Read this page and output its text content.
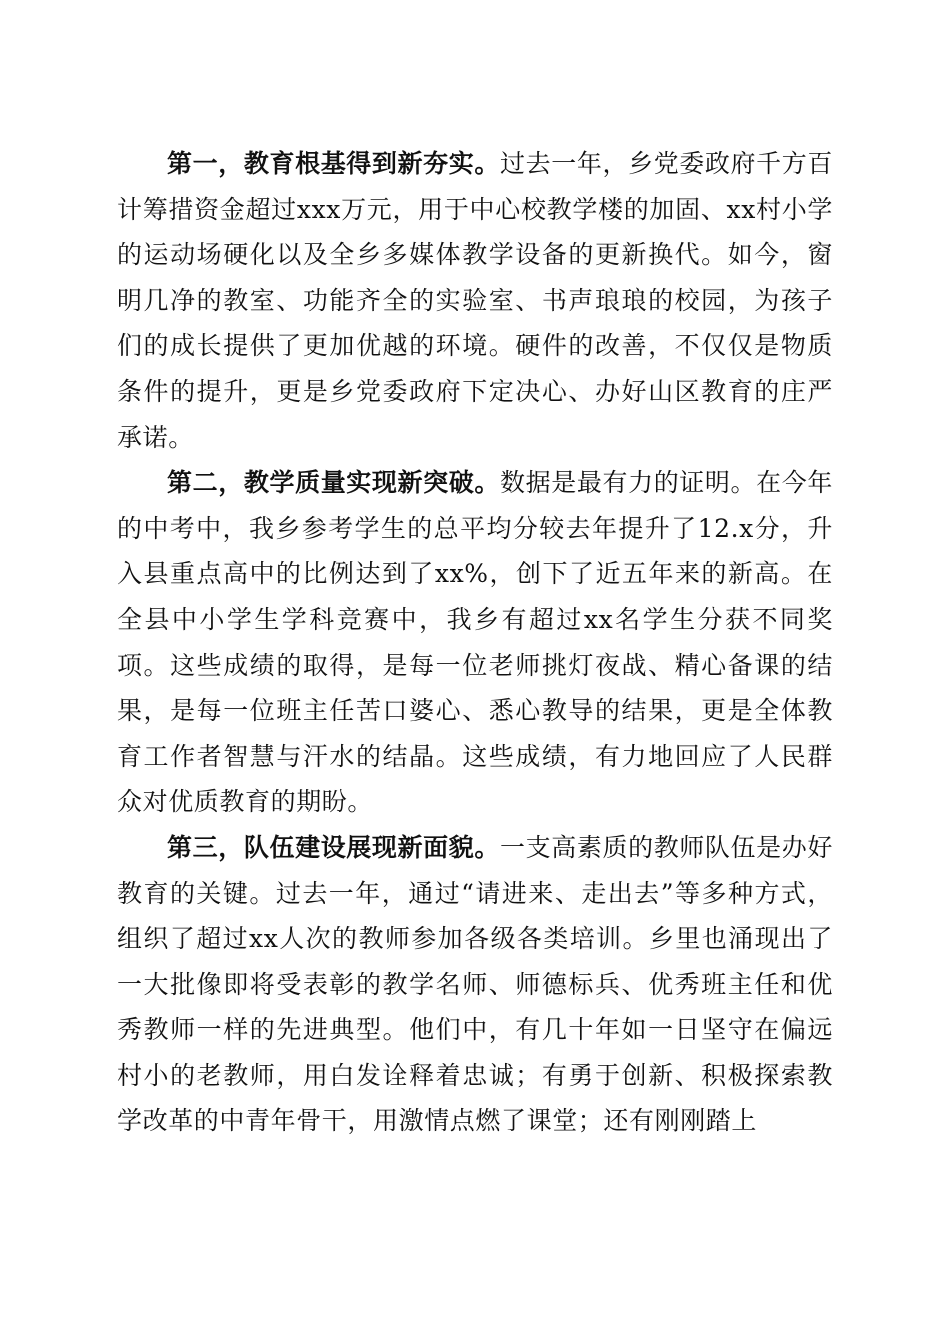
第一，教育根基得到新夯实。过去一年，乡党委政府千方百计筹措资金超过xxx万元，用于中心校教学楼的加固、xx村小学的运动场硬化以及全乡多媒体教学设备的更新换代。如今，窗明几净的教室、功能齐全的实验室、书声琅琅的校园，为孩子们的成长提供了更加优越的环境。硬件的改善，不仅仅是物质条件的提升，更是乡党委政府下定决心、办好山区教育的庄严承诺。

第二，教学质量实现新突破。数据是最有力的证明。在今年的中考中，我乡参考学生的总平均分较去年提升了12.x分，升入县重点高中的比例达到了xx%，创下了近五年来的新高。在全县中小学生学科竞赛中，我乡有超过xx名学生分获不同奖项。这些成绩的取得，是每一位老师挑灯夜战、精心备课的结果，是每一位班主任苦口婆心、悉心教导的结果，更是全体教育工作者智慧与汗水的结晶。这些成绩，有力地回应了人民群众对优质教育的期盼。

第三，队伍建设展现新面貌。一支高素质的教师队伍是办好教育的关键。过去一年，通过“请进来、走出去”等多种方式，组织了超过xx人次的教师参加各级各类培训。乡里也涌现出了一大批像即将受表彰的教学名师、师德标兵、优秀班主任和优秀教师一样的先进典型。他们中，有几十年如一日坚守在偏远村小的老教师，用白发诠释着忠诚；有勇于创新、积极探索教学改革的中青年骨干，用激情点燃了课堂；还有刚刚踏上
